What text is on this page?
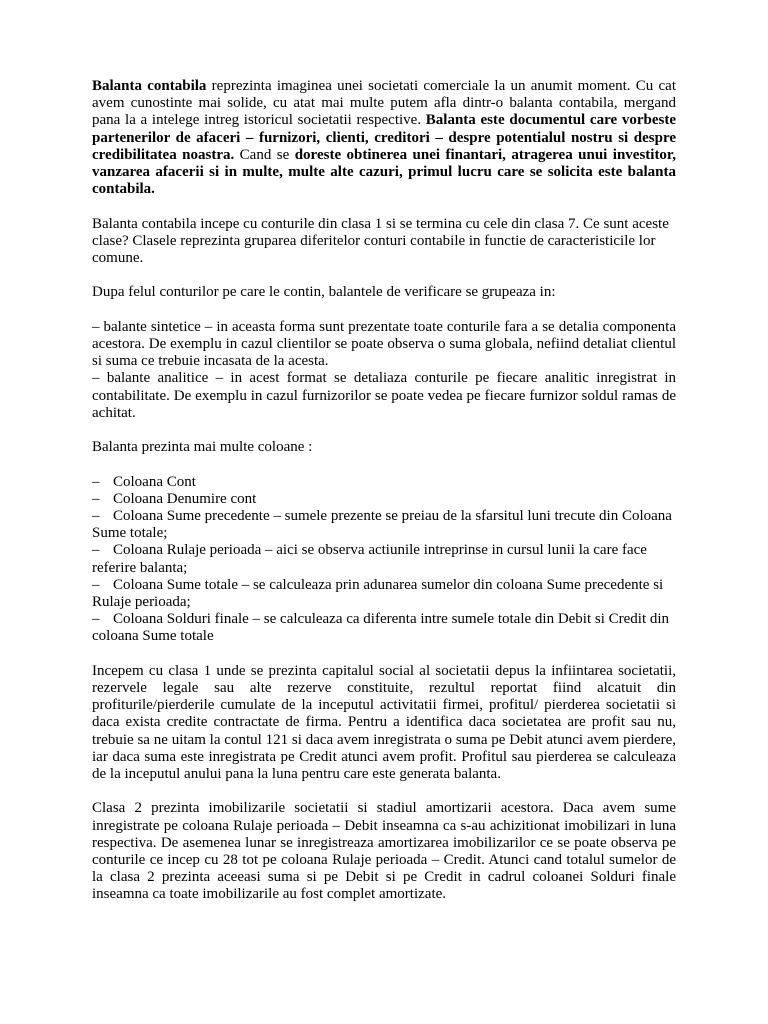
Balanta contabila reprezinta imaginea unei societati comerciale la un anumit moment. Cu cat avem cunostinte mai solide, cu atat mai multe putem afla dintr-o balanta contabila, mergand pana la a intelege intreg istoricul societatii respective. Balanta este documentul care vorbeste partenerilor de afaceri – furnizori, clienti, creditori – despre potentialul nostru si despre credibilitatea noastra. Cand se doreste obtinerea unei finantari, atragerea unui investitor, vanzarea afacerii si in multe, multe alte cazuri, primul lucru care se solicita este balanta contabila.

Balanta contabila incepe cu conturile din clasa 1 si se termina cu cele din clasa 7. Ce sunt aceste clase? Clasele reprezinta gruparea diferitelor conturi contabile in functie de caracteristicile lor comune.

Dupa felul conturilor pe care le contin, balantele de verificare se grupeaza in:

– balante sintetice – in aceasta forma sunt prezentate toate conturile fara a se detalia componenta acestora. De exemplu in cazul clientilor se poate observa o suma globala, nefiind detaliat clientul si suma ce trebuie incasata de la acesta.
– balante analitice – in acest format se detaliaza conturile pe fiecare analitic inregistrat in contabilitate. De exemplu in cazul furnizorilor se poate vedea pe fiecare furnizor soldul ramas de achitat.

Balanta prezinta mai multe coloane :

– Coloana Cont
– Coloana Denumire cont
– Coloana Sume precedente – sumele prezente se preiau de la sfarsitul luni trecute din Coloana Sume totale;
– Coloana Rulaje perioada – aici se observa actiunile intreprinse in cursul lunii la care face referire balanta;
– Coloana Sume totale – se calculeaza prin adunarea sumelor din coloana Sume precedente si Rulaje perioada;
– Coloana Solduri finale – se calculeaza ca diferenta intre sumele totale din Debit si Credit din coloana Sume totale

Incepem cu clasa 1 unde se prezinta capitalul social al societatii depus la infiintarea societatii, rezervele legale sau alte rezerve constituite, rezultul reportat fiind alcatuit din profiturile/pierderile cumulate de la inceputul activitatii firmei, profitul/ pierderea societatii si daca exista credite contractate de firma. Pentru a identifica daca societatea are profit sau nu, trebuie sa ne uitam la contul 121 si daca avem inregistrata o suma pe Debit atunci avem pierdere, iar daca suma este inregistrata pe Credit atunci avem profit. Profitul sau pierderea se calculeaza de la inceputul anului pana la luna pentru care este generata balanta.

Clasa 2 prezinta imobilizarile societatii si stadiul amortizarii acestora. Daca avem sume inregistrate pe coloana Rulaje perioada – Debit inseamna ca s-au achizitionat imobilizari in luna respectiva. De asemenea lunar se inregistreaza amortizarea imobilizarilor ce se poate observa pe conturile ce incep cu 28 tot pe coloana Rulaje perioada – Credit. Atunci cand totalul sumelor de la clasa 2 prezinta aceeasi suma si pe Debit si pe Credit in cadrul coloanei Solduri finale inseamna ca toate imobilizarile au fost complet amortizate.
